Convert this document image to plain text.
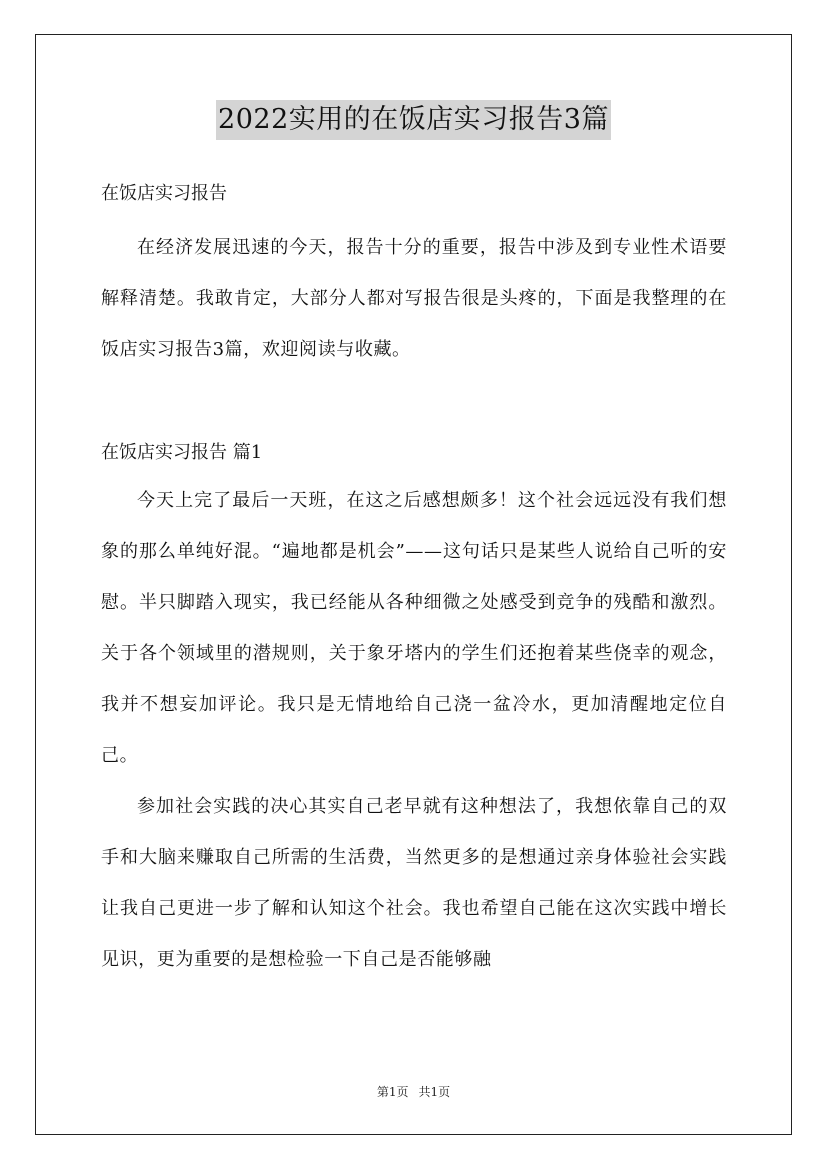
2022实用的在饭店实习报告3篇

在饭店实习报告

在经济发展迅速的今天，报告十分的重要，报告中涉及到专业性术语要解释清楚。我敢肯定，大部分人都对写报告很是头疼的，下面是我整理的在饭店实习报告3篇，欢迎阅读与收藏。

在饭店实习报告 篇1

今天上完了最后一天班，在这之后感想颇多！这个社会远远没有我们想象的那么单纯好混。“遍地都是机会”——这句话只是某些人说给自己听的安慰。半只脚踏入现实，我已经能从各种细微之处感受到竞争的残酷和激烈。关于各个领域里的潜规则，关于象牙塔内的学生们还抱着某些侥幸的观念，我并不想妄加评论。我只是无情地给自己浇一盆冷水，更加清醒地定位自己。

参加社会实践的决心其实自己老早就有这种想法了，我想依靠自己的双手和大脑来赚取自己所需的生活费，当然更多的是想通过亲身体验社会实践让我自己更进一步了解和认知这个社会。我也希望自己能在这次实践中增长见识，更为重要的是想检验一下自己是否能够融

第1页 共1页
